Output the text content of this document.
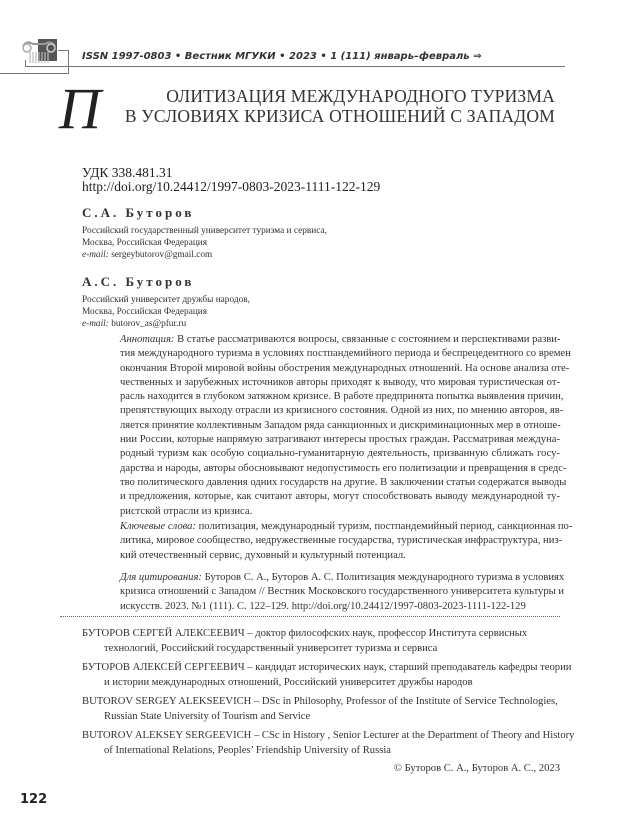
ISSN 1997-0803 • Вестник МГУКИ • 2023 • 1 (111) январь–февраль ⇒
П	ОЛИТИЗАЦИЯ МЕЖДУНАРОДНОГО ТУРИЗМА
В УСЛОВИЯХ КРИЗИСА ОТНОШЕНИЙ С ЗАПАДОМ
УДК 338.481.31
http://doi.org/10.24412/1997-0803-2023-1111-122-129
С.А. Буторов
Российский государственный университет туризма и сервиса,
Москва, Российская Федерация
e-mail: sergeybutorov@gmail.com
А.С. Буторов
Российский университет дружбы народов,
Москва, Российская Федерация
e-mail: butorov_as@pfur.ru
Аннотация: В статье рассматриваются вопросы, связанные с состоянием и перспективами разви-
тия международного туризма в условиях постпандемийного периода и беспрецедентного со времен
окончания Второй мировой войны обострения международных отношений. На основе анализа оте-
чественных и зарубежных источников авторы приходят к выводу, что мировая туристическая от-
расль находится в глубоком затяжном кризисе. В работе предпринята попытка выявления причин,
препятствующих выходу отрасли из кризисного состояния. Одной из них, по мнению авторов, яв-
ляется принятие коллективным Западом ряда санкционных и дискриминационных мер в отноше-
нии России, которые напрямую затрагивают интересы простых граждан. Рассматривая междуна-
родный туризм как особую социально-гуманитарную деятельность, призванную сближать госу-
дарства и народы, авторы обосновывают недопустимость его политизации и превращения в средс-
тво политического давления одних государств на другие. В заключении статьи содержатся выводы
и предложения, которые, как считают авторы, могут способствовать выводу международной ту-
ристской отрасли из кризиса.
Ключевые слова: политизация, международный туризм, постпандемийный период, санкционная по-
литика, мировое сообщество, недружественные государства, туристическая инфраструктура, низ-
кий отечественный сервис, духовный и культурный потенциал.
Для цитирования: Буторов С. А., Буторов А. С. Политизация международного туризма в условиях
кризиса отношений с Западом // Вестник Московского государственного университета культуры и
искусств. 2023. №1 (111). С. 122–129. http://doi.org/10.24412/1997-0803-2023-1111-122-129
БУТОРОВ СЕРГЕЙ АЛЕКСЕЕВИЧ – доктор философских наук, профессор Института сервисных
технологий, Российский государственный университет туризма и сервиса
БУТОРОВ АЛЕКСЕЙ СЕРГЕЕВИЧ – кандидат исторических наук, старший преподаватель кафедры теории
и истории международных отношений, Российский университет дружбы народов
BUTOROV SERGEY ALEKSEEVICH – DSc in Philosophy, Professor of the Institute of Service Technologies,
Russian State University of Tourism and Service
BUTOROV ALEKSEY SERGEEVICH – CSc in History , Senior Lecturer at the Department of Theory and History
of International Relations, Peoples’ Friendship University of Russia
© Буторов С. А., Буторов А. С., 2023
122
